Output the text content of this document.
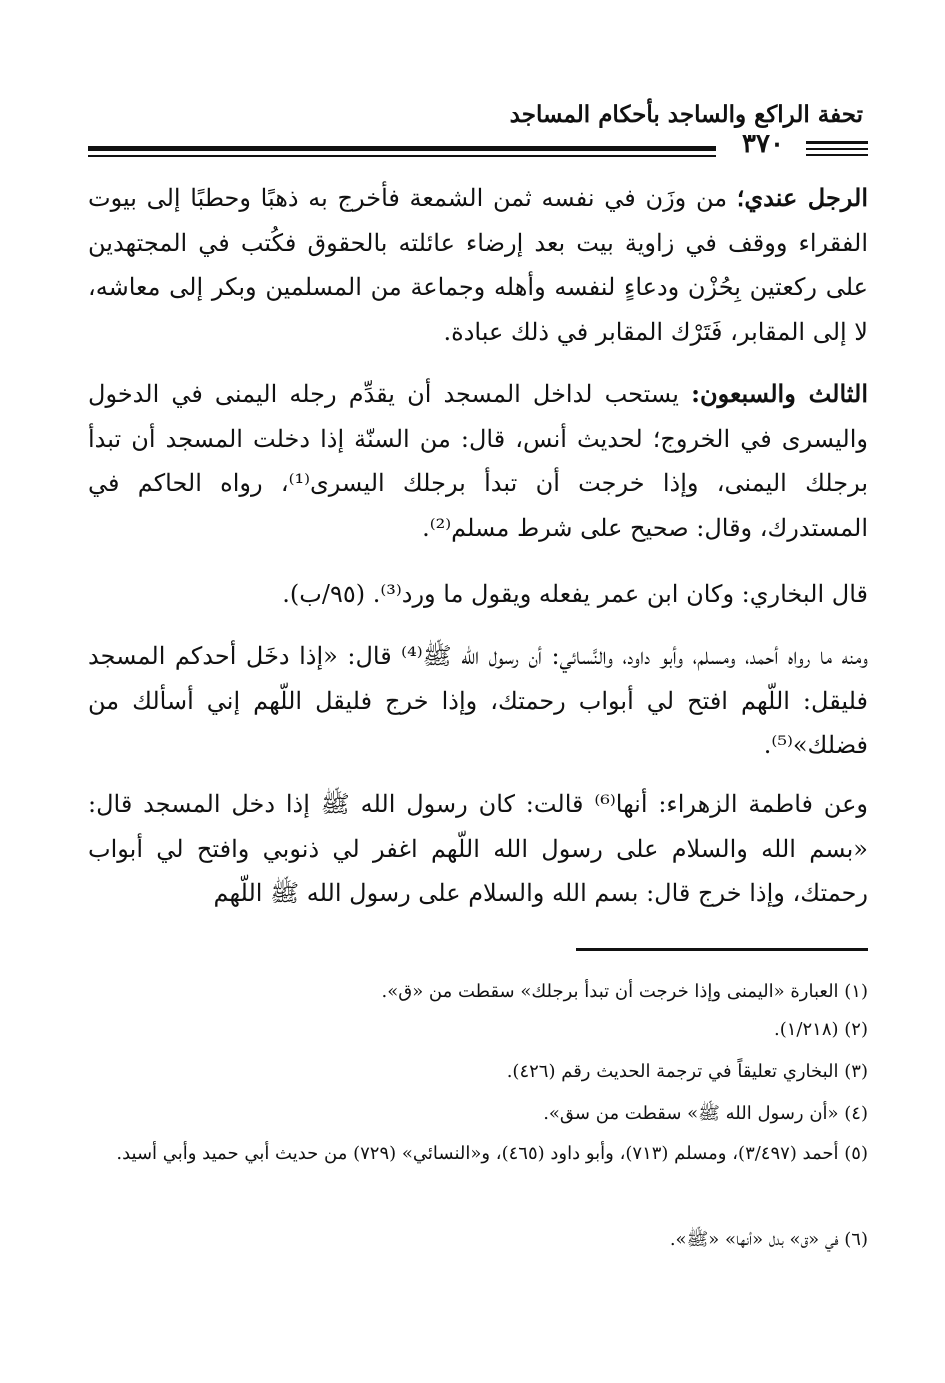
تحفة الراكع والساجد بأحكام المساجد
٣٧٠

الرجل عندي؛ من وزَن في نفسه ثمن الشمعة فأخرج به ذهبًا وحطبًا إلى بيوت الفقراء ووقف في زاوية بيت بعد إرضاء عائلته بالحقوق فكُتب في المجتهدين على ركعتين بِحُزْن ودعاءٍ لنفسه وأهله وجماعة من المسلمين وبكر إلى معاشه، لا إلى المقابر، فَتَرْك المقابر في ذلك عبادة.

الثالث والسبعون: يستحب لداخل المسجد أن يقدِّم رجله اليمنى في الدخول واليسرى في الخروج؛ لحديث أنس، قال: من السنّة إذا دخلت المسجد أن تبدأ برجلك اليمنى، وإذا خرجت أن تبدأ برجلك اليسرى⁽¹⁾، رواه الحاكم في المستدرك، وقال: صحيح على شرط مسلم⁽²⁾.

قال البخاري: وكان ابن عمر يفعله ويقول ما ورد⁽³⁾. (٩٥/ب).

ومنه ما رواه أحمد، ومسلم، وأبو داود، والنَّسائي: أن رسول الله ﷺ⁽⁴⁾ قال: «إذا دخَل أحدكم المسجد فليقل: اللّهم افتح لي أبواب رحمتك، وإذا خرج فليقل اللّهم إني أسألك من فضلك»⁽⁵⁾.

وعن فاطمة الزهراء: أنها⁽⁶⁾ قالت: كان رسول الله ﷺ إذا دخل المسجد قال: «بسم الله والسلام على رسول الله اللّهم اغفر لي ذنوبي وافتح لي أبواب رحمتك، وإذا خرج قال: بسم الله والسلام على رسول الله ﷺ اللّهم

(١) العبارة «اليمنى وإذا خرجت أن تبدأ برجلك» سقطت من «ق».
(٢) (١/٢١٨).
(٣) البخاري تعليقاً في ترجمة الحديث رقم (٤٢٦).
(٤) «أن رسول الله ﷺ» سقطت من سق».
(٥) أحمد (٣/٤٩٧)، ومسلم (٧١٣)، وأبو داود (٤٦٥)، و«النسائي» (٧٢٩) من حديث أبي حميد وأبي أسيد.
(٦) في «ق» بدل «أنها» «ﷺ».
